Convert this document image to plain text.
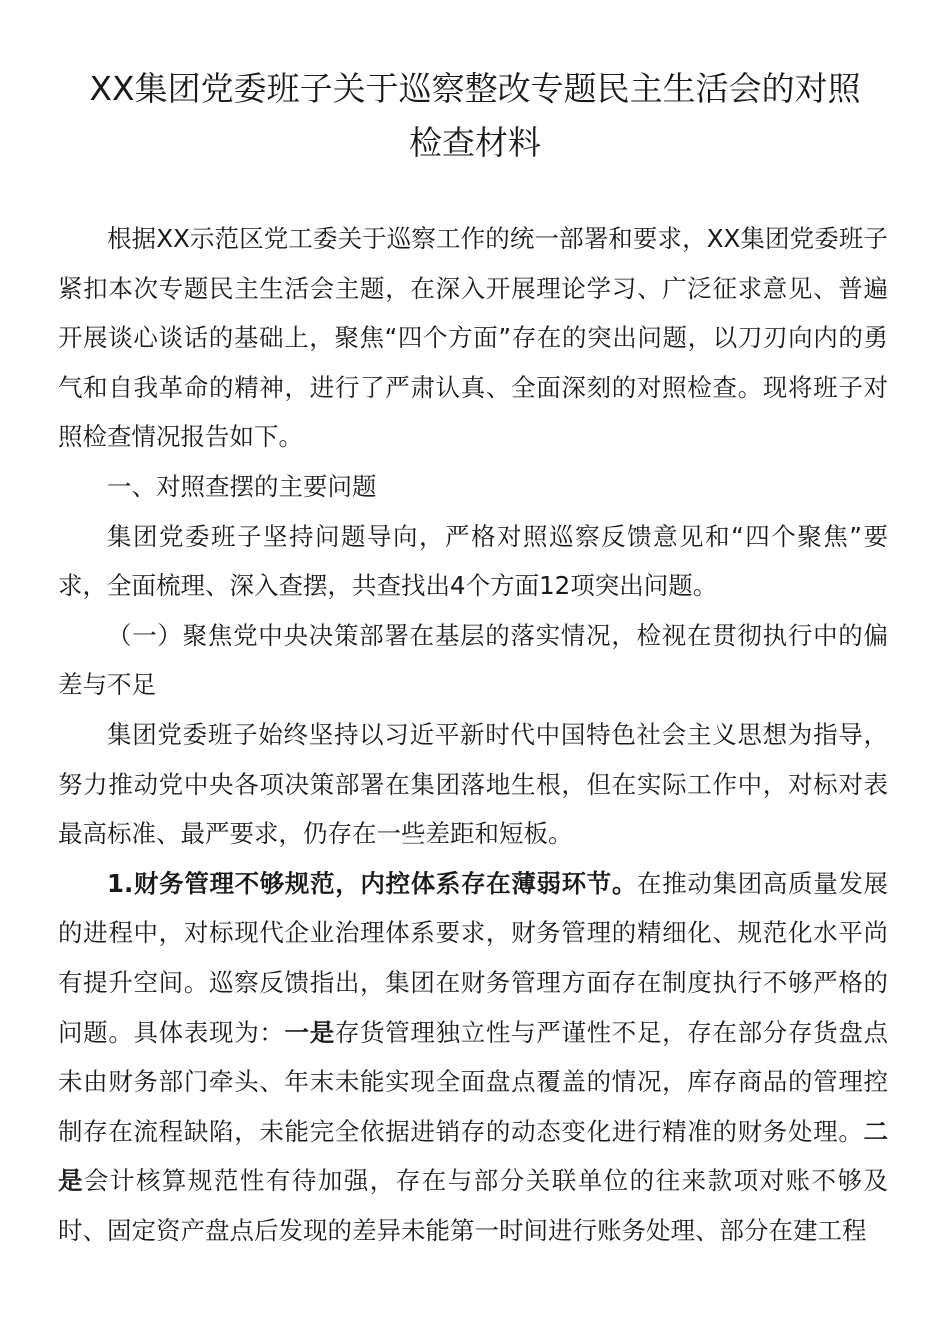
XX集团党委班子关于巡察整改专题民主生活会的对照
检查材料

根据XX示范区党工委关于巡察工作的统一部署和要求，XX集团党委班子紧扣本次专题民主生活会主题，在深入开展理论学习、广泛征求意见、普遍开展谈心谈话的基础上，聚焦“四个方面”存在的突出问题，以刀刃向内的勇气和自我革命的精神，进行了严肃认真、全面深刻的对照检查。现将班子对照检查情况报告如下。

一、对照查摆的主要问题

集团党委班子坚持问题导向，严格对照巡察反馈意见和“四个聚焦”要求，全面梳理、深入查摆，共查找出4个方面12项突出问题。

（一）聚焦党中央决策部署在基层的落实情况，检视在贯彻执行中的偏差与不足

集团党委班子始终坚持以习近平新时代中国特色社会主义思想为指导，努力推动党中央各项决策部署在集团落地生根，但在实际工作中，对标对表最高标准、最严要求，仍存在一些差距和短板。

1.财务管理不够规范，内控体系存在薄弱环节。在推动集团高质量发展的进程中，对标现代企业治理体系要求，财务管理的精细化、规范化水平尚有提升空间。巡察反馈指出，集团在财务管理方面存在制度执行不够严格的问题。具体表现为：一是存货管理独立性与严谨性不足，存在部分存货盘点未由财务部门牵头、年末未能实现全面盘点覆盖的情况，库存商品的管理控制存在流程缺陷，未能完全依据进销存的动态变化进行精准的财务处理。二是会计核算规范性有待加强，存在与部分关联单位的往来款项对账不够及时、固定资产盘点后发现的差异未能第一时间进行账务处理、部分在建工程
